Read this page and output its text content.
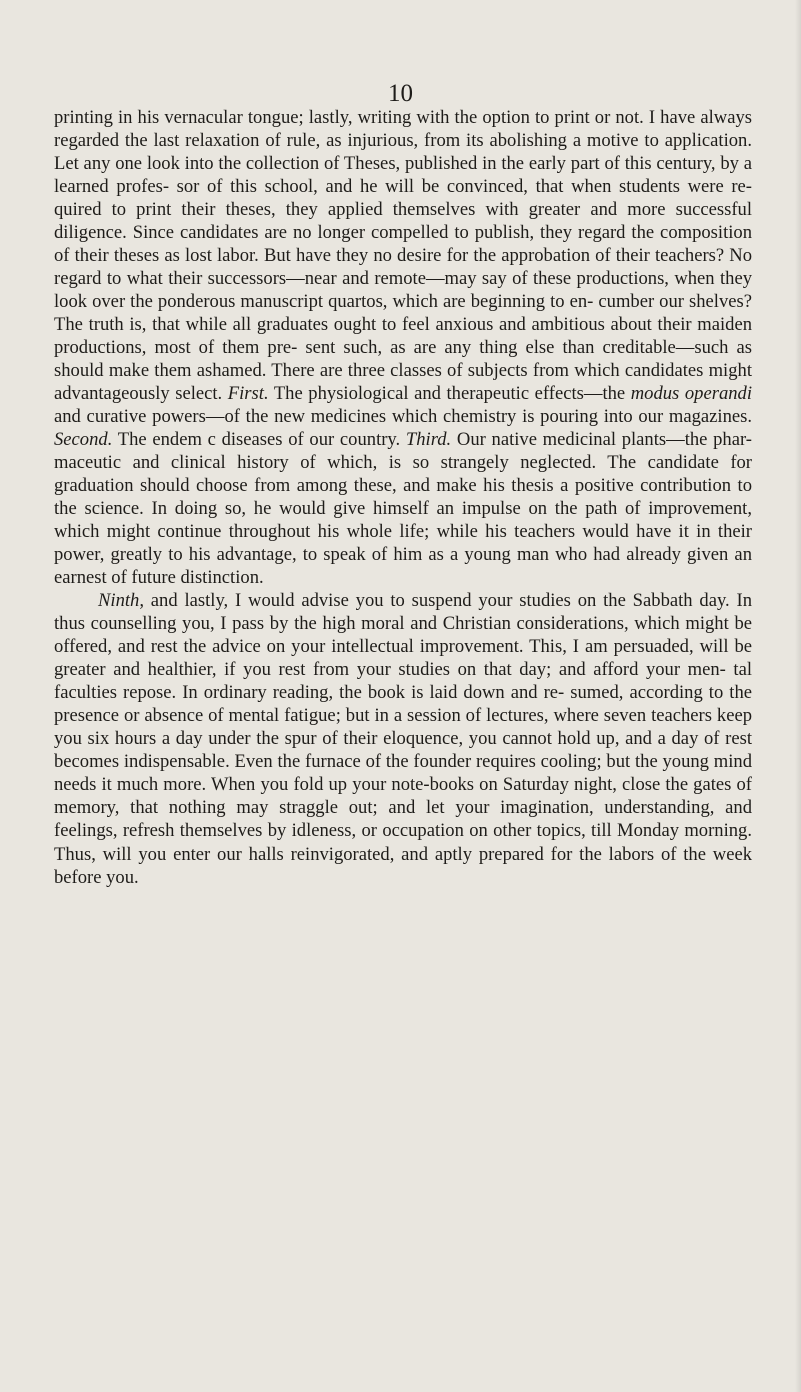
10

printing in his vernacular tongue; lastly, writing with the option to print or not. I have always regarded the last relaxation of rule, as injurious, from its abolishing a motive to application. Let any one look into the collection of Theses, published in the early part of this century, by a learned profes- sor of this school, and he will be convinced, that when students were re- quired to print their theses, they applied themselves with greater and more successful diligence. Since candidates are no longer compelled to publish, they regard the composition of their theses as lost labor. But have they no desire for the approbation of their teachers? No regard to what their successors—near and remote—may say of these productions, when they look over the ponderous manuscript quartos, which are beginning to en- cumber our shelves? The truth is, that while all graduates ought to feel anxious and ambitious about their maiden productions, most of them pre- sent such, as are any thing else than creditable—such as should make them ashamed. There are three classes of subjects from which candidates might advantageously select. First. The physiological and therapeutic effects—the modus operandi and curative powers—of the new medicines which chemistry is pouring into our magazines. Second. The endem c diseases of our country. Third. Our native medicinal plants—the phar- maceutic and clinical history of which, is so strangely neglected. The candidate for graduation should choose from among these, and make his thesis a positive contribution to the science. In doing so, he would give himself an impulse on the path of improvement, which might continue throughout his whole life; while his teachers would have it in their power, greatly to his advantage, to speak of him as a young man who had already given an earnest of future distinction.

Ninth, and lastly, I would advise you to suspend your studies on the Sabbath day. In thus counselling you, I pass by the high moral and Christian considerations, which might be offered, and rest the advice on your intellectual improvement. This, I am persuaded, will be greater and healthier, if you rest from your studies on that day; and afford your men- tal faculties repose. In ordinary reading, the book is laid down and re- sumed, according to the presence or absence of mental fatigue; but in a session of lectures, where seven teachers keep you six hours a day under the spur of their eloquence, you cannot hold up, and a day of rest becomes indispensable. Even the furnace of the founder requires cooling; but the young mind needs it much more. When you fold up your note-books on Saturday night, close the gates of memory, that nothing may straggle out; and let your imagination, understanding, and feelings, refresh themselves by idleness, or occupation on other topics, till Monday morning. Thus, will you enter our halls reinvigorated, and aptly prepared for the labors of the week before you.
